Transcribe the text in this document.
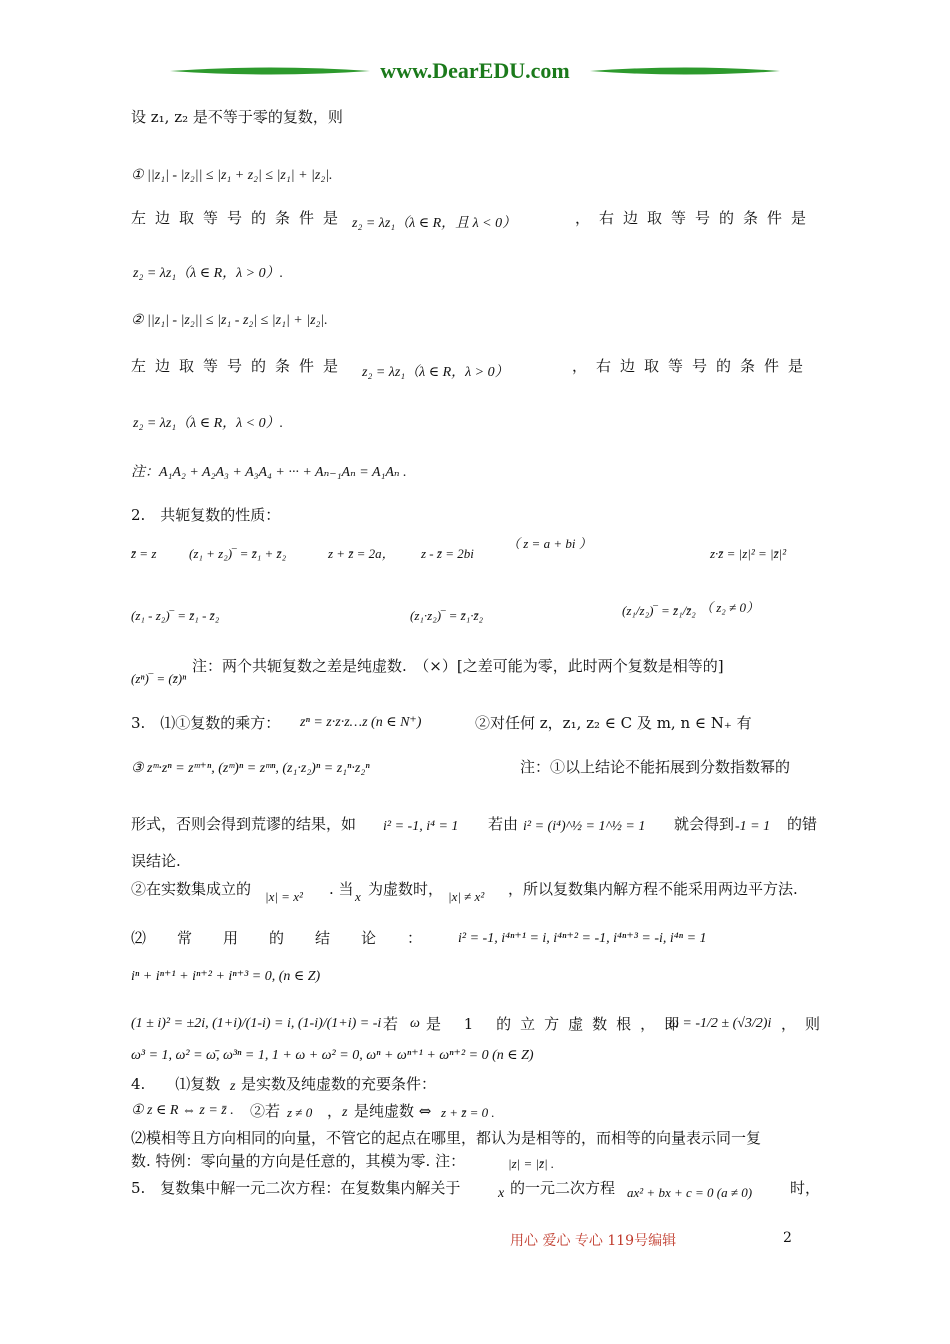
www.DearEDU.com
设 z₁, z₂ 是不等于零的复数，则
① ||z₁| - |z₂|| ≤ |z₁ + z₂| ≤ |z₁| + |z₂|.
左边取等号的条件是 z₂ = λz₁（λ ∈ R，且 λ < 0）	，右边取等号的条件是
z₂ = λz₁（λ ∈ R，λ > 0）.
② ||z₁| - |z₂|| ≤ |z₁ - z₂| ≤ |z₁| + |z₂|.
左边取等号的条件是 z₂ = λz₁（λ ∈ R，λ > 0）	，右边取等号的条件是
z₂ = λz₁（λ ∈ R，λ < 0）.
注：A₁A₂ + A₂A₃ + A₃A₄ + ··· + Aₙ₋₁Aₙ = A₁Aₙ .
2.　共轭复数的性质：
z̄̄ = z	(z₁ + z₂)‾ = z̄₁ + z̄₂	z + z̄ = 2a， z - z̄ = 2bi
（ z = a + bi ）
z·z̄ = |z|² = |z̄|²
(z₁ - z₂)‾ = z̄₁ - z̄₂	(z₁·z₂)‾ = z̄₁·z̄₂	(z₁/z₂)‾ = z̄₁/z̄₂ （ z₂ ≠ 0）
(zⁿ)‾ = (z̄)ⁿ
注：两个共轭复数之差是纯虚数.　（×）[之差可能为零，此时两个复数是相等的]
3.　⑴①复数的乘方： zⁿ = z·z·z…z (n ∈ N⁺)	②对任何 z，z₁, z₂ ∈ C 及 m, n ∈ N₊ 有
③ zᵐ·zⁿ = zᵐ⁺ⁿ, (zᵐ)ⁿ = zᵐⁿ, (z₁·z₂)ⁿ = z₁ⁿ·z₂ⁿ	注：①以上结论不能拓展到分数指数幂的
形式，否则会得到荒谬的结果，如 i² = -1, i⁴ = 1 若由 i² = (i⁴)^½ = 1^½ = 1 就会得到 -1 = 1 的错
误结论.
②在实数集成立的 |x| = x² . 当 x 为虚数时， |x| ≠ x² ，所以复数集内解方程不能采用两边平方法.
⑵　常　用　的　结　论　： i² = -1, i⁴ⁿ⁺¹ = i, i⁴ⁿ⁺² = -1, i⁴ⁿ⁺³ = -i, i⁴ⁿ = 1
iⁿ + iⁿ⁺¹ + iⁿ⁺² + iⁿ⁺³ = 0, (n ∈ Z)
(1 ± i)² = ±2i, (1+i)/(1-i) = i, (1-i)/(1+i) = -i 若 ω 是 1 的立方虚数根，即
ω = -1/2 ± (√3/2)i ，则
ω³ = 1, ω² = ω̄, ω³ⁿ = 1, 1 + ω + ω² = 0, ωⁿ + ωⁿ⁺¹ + ωⁿ⁺² = 0 (n ∈ Z)
4.　　⑴复数 z 是实数及纯虚数的充要条件：
① z ∈ R ⇔ z = z̄ . ②若 z ≠ 0 ， z 是纯虚数 ⇔ z + z̄ = 0 .
⑵模相等且方向相同的向量，不管它的起点在哪里，都认为是相等的，而相等的向量表示同一复
数. 特例：零向量的方向是任意的，其模为零. 注：	|z| = |z̄| .
5.　复数集中解一元二次方程：在复数集内解关于	x 的一元二次方程 ax² + bx + c = 0 (a ≠ 0)	时，
用心 爱心 专心 119号编辑	2
